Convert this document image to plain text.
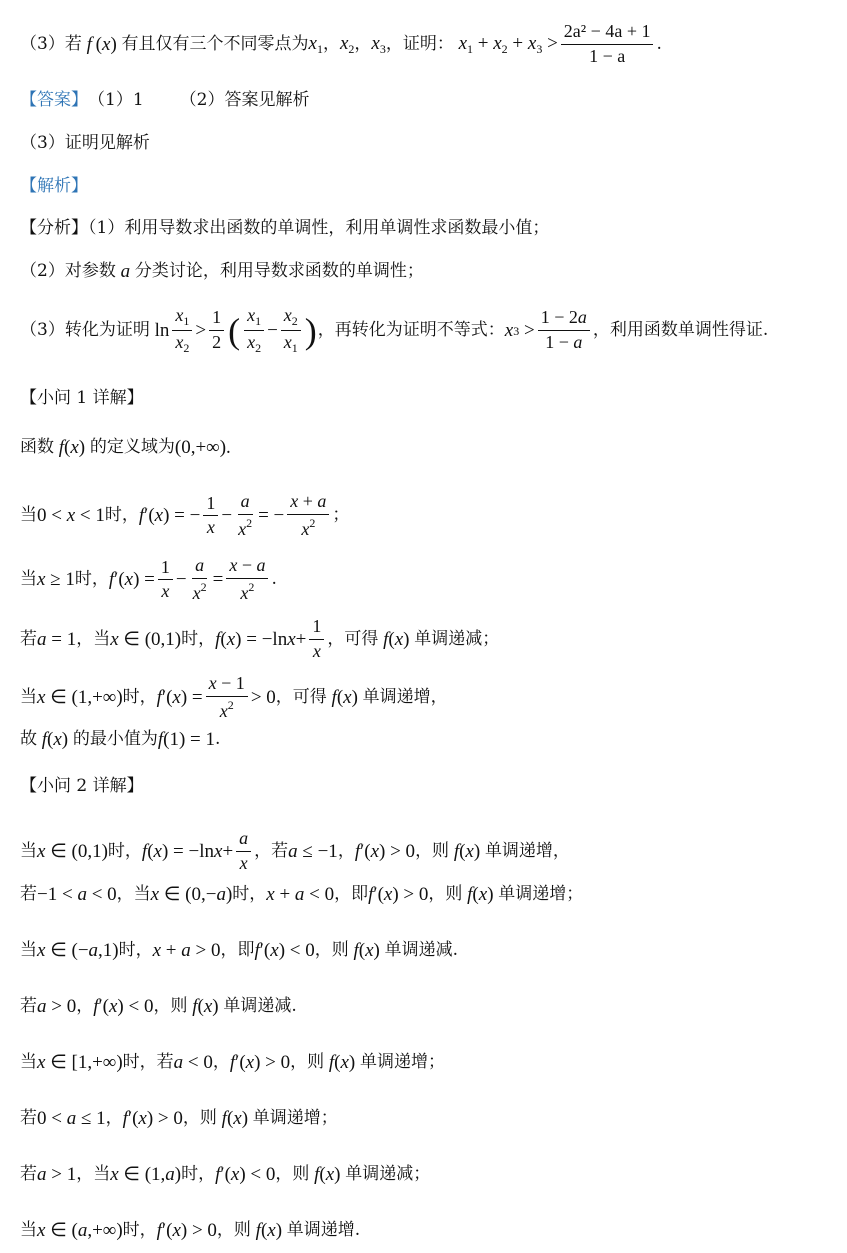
（3）若 f (x) 有且仅有三个不同零点为 $x_1$ ， $x_2$ ， $x_3$ ，证明： $x_1 + x_2 + x_3 > \frac{\text{2a² − 4a + 1}}{1 - a}$ .
【答案】 （1）1 （2）答案见解析
（3）证明见解析
【解析】
【分析】（1）利用导数求出函数的单调性，利用单调性求函数最小值；
（2）对参数 a 分类讨论，利用导数求函数的单调性；
（3）转化为证明 $\ln \frac{x_1}{x_2} > \frac{1}{2}$ ( $\frac{x_1}{x_2} - \frac{x_2}{x_1}$ ) ，再转化为证明不等式： x $3 > \frac{1 - 2a}{1 - a}$ ，利用函数单调性得证.
【小问 1 详解】
函数 f(x) 的定义域为 (0,+∞).
当 0 < x < 1 时， f ′( x ) = − $\frac{1}{x} - \frac{a}{x^2}$ = − $\frac{x + a}{x^2}$ ；
当 x ≥ 1 时， f ′( x ) = $\frac{1}{x} - \frac{a}{x^2} = \frac{x - a}{x^2}$ .
若 a = 1 ，当 x ∈ (0,1) 时， f ( x ) = −ln $x + \frac{1}{x}$ ，可得 f(x) 单调递减；
当 x ∈ (1,+∞) 时， f ′( x ) = $\frac{x - 1}{x^2} > 0$ ，可得 f(x) 单调递增，
故 f(x) 的最小值为 f(1) = 1 .
【小问 2 详解】
当 x ∈ (0,1) 时， f ( x ) = −ln $x + \frac{a}{x}$ ，若 a ≤ −1 ， f′(x) > 0 ，则 f(x) 单调递增，
若 −1 < a < 0 ，当 x ∈ (0,−a) 时， x + a < 0 ，即 f′(x) > 0 ，则 f(x) 单调递增；
当 x ∈ (−a,1) 时， x + a > 0 ，即 f′(x) < 0 ，则 f(x) 单调递减.
若 a > 0 ， f′(x) < 0 ，则 f(x) 单调递减.
当 x ∈ [1,+∞) 时，若 a < 0 ， f′(x) > 0 ，则 f(x) 单调递增；
若 0 < a ≤ 1 ， f′(x) > 0 ，则 f(x) 单调递增；
若 a > 1 ，当 x ∈ (1,a) 时， f′(x) < 0 ，则 f(x) 单调递减；
当 x ∈ (a,+∞) 时， f′(x) > 0 ，则 f(x) 单调递增.
